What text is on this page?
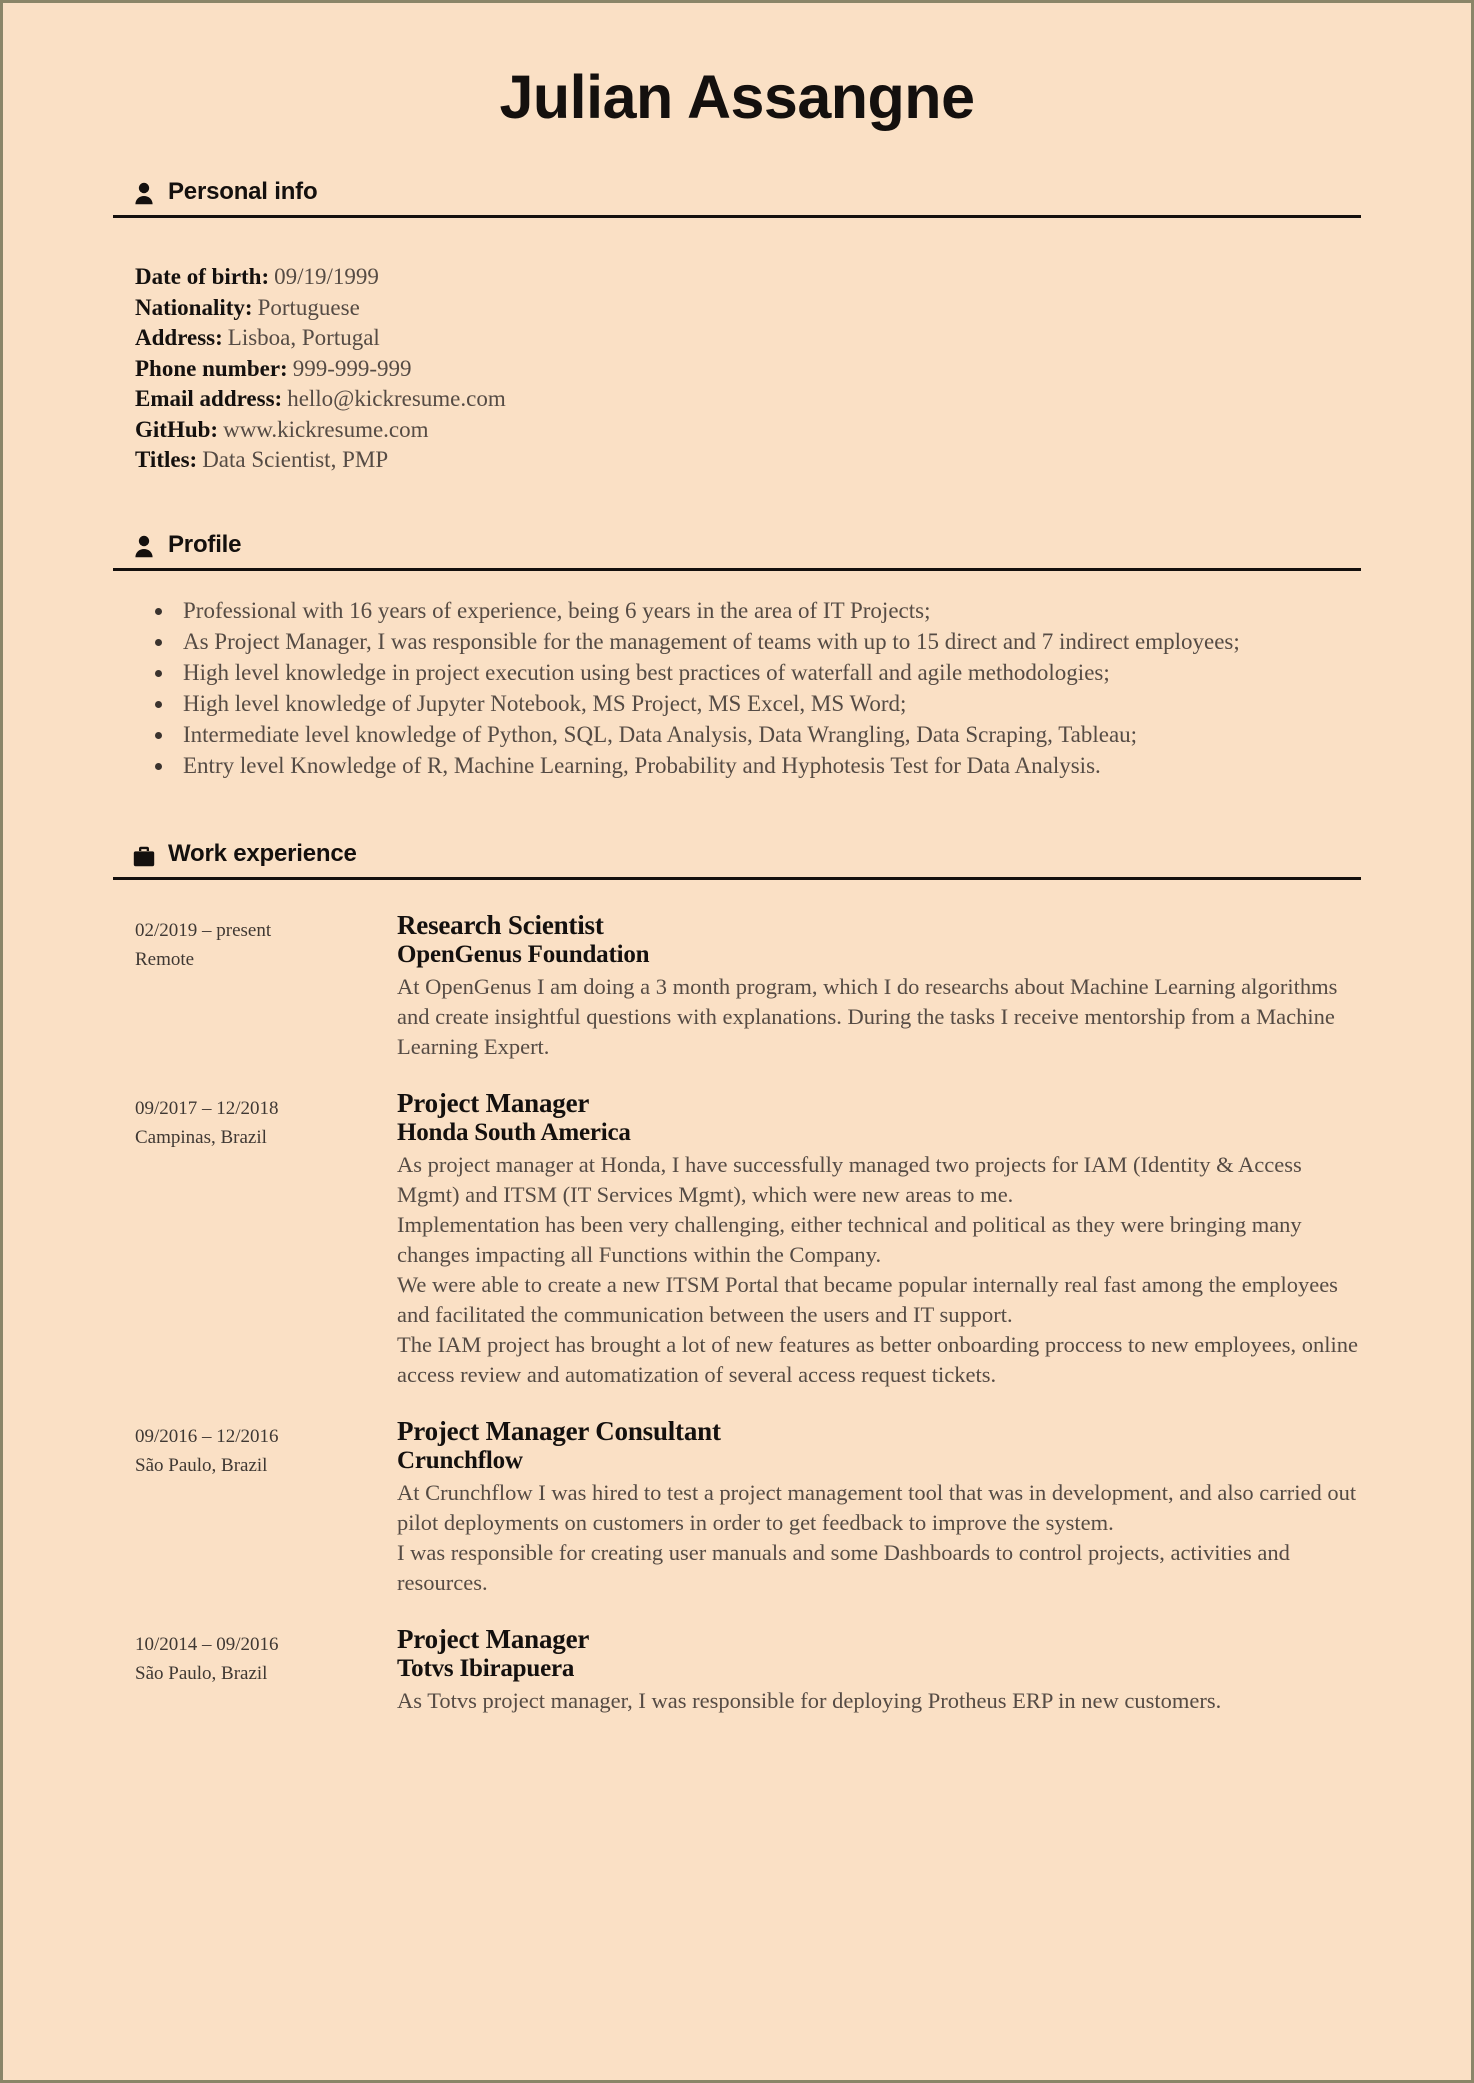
Julian Assangne
Personal info
Date of birth: 09/19/1999
Nationality: Portuguese
Address: Lisboa, Portugal
Phone number: 999-999-999
Email address: hello@kickresume.com
GitHub: www.kickresume.com
Titles: Data Scientist, PMP
Profile
Professional with 16 years of experience, being 6 years in the area of IT Projects;
As Project Manager, I was responsible for the management of teams with up to 15 direct and 7 indirect employees;
High level knowledge in project execution using best practices of waterfall and agile methodologies;
High level knowledge of Jupyter Notebook, MS Project, MS Excel, MS Word;
Intermediate level knowledge of Python, SQL, Data Analysis, Data Wrangling, Data Scraping, Tableau;
Entry level Knowledge of R, Machine Learning, Probability and Hyphotesis Test for Data Analysis.
Work experience
02/2019 – present
Remote
Research Scientist
OpenGenus Foundation

At OpenGenus I am doing a 3 month program, which I do researchs about Machine Learning algorithms and create insightful questions with explanations. During the tasks I receive mentorship from a Machine Learning Expert.

09/2017 – 12/2018
Campinas, Brazil
Project Manager
Honda South America

As project manager at Honda, I have successfully managed two projects for IAM (Identity & Access Mgmt) and ITSM (IT Services Mgmt), which were new areas to me.

Implementation has been very challenging, either technical and political as they were bringing many changes impacting all Functions within the Company.

We were able to create a new ITSM Portal that became popular internally real fast among the employees and facilitated the communication between the users and IT support.

The IAM project has brought a lot of new features as better onboarding proccess to new employees, online access review and automatization of several access request tickets.

09/2016 – 12/2016
São Paulo, Brazil
Project Manager Consultant
Crunchflow

At Crunchflow I was hired to test a project management tool that was in development, and also carried out pilot deployments on customers in order to get feedback to improve the system.

I was responsible for creating user manuals and some Dashboards to control projects, activities and resources.

10/2014 – 09/2016
São Paulo, Brazil
Project Manager
Totvs Ibirapuera

As Totvs project manager, I was responsible for deploying Protheus ERP in new customers.
